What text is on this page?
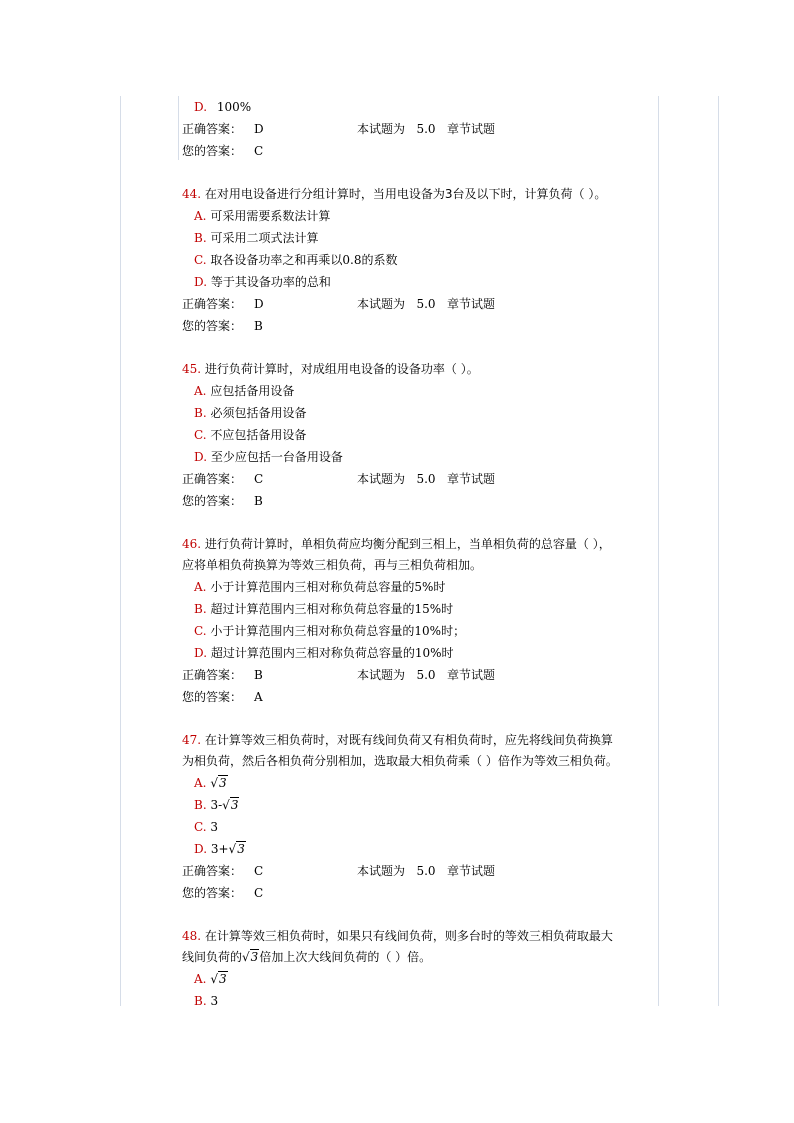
D. 100%
正确答案： D	本试题为 5.0 章节试题
您的答案： C
44. 在对用电设备进行分组计算时，当用电设备为3台及以下时，计算负荷（ ）。
A. 可采用需要系数法计算
B. 可采用二项式法计算
C. 取各设备功率之和再乘以0.8的系数
D. 等于其设备功率的总和
正确答案： D	本试题为 5.0 章节试题
您的答案： B
45. 进行负荷计算时，对成组用电设备的设备功率（ ）。
A. 应包括备用设备
B. 必须包括备用设备
C. 不应包括备用设备
D. 至少应包括一台备用设备
正确答案： C	本试题为 5.0 章节试题
您的答案： B
46. 进行负荷计算时，单相负荷应均衡分配到三相上，当单相负荷的总容量（ ），
应将单相负荷换算为等效三相负荷，再与三相负荷相加。
A. 小于计算范围内三相对称负荷总容量的5%时
B. 超过计算范围内三相对称负荷总容量的15%时
C. 小于计算范围内三相对称负荷总容量的10%时；
D. 超过计算范围内三相对称负荷总容量的10%时
正确答案： B	本试题为 5.0 章节试题
您的答案： A
47. 在计算等效三相负荷时，对既有线间负荷又有相负荷时，应先将线间负荷换算
为相负荷，然后各相负荷分别相加，选取最大相负荷乘（ ）倍作为等效三相负荷。
A. √3
B. 3-√3
C. 3
D. 3+√3
正确答案： C	本试题为 5.0 章节试题
您的答案： C
48. 在计算等效三相负荷时，如果只有线间负荷，则多台时的等效三相负荷取最大
线间负荷的√3倍加上次大线间负荷的（ ）倍。
A. √3
B. 3
